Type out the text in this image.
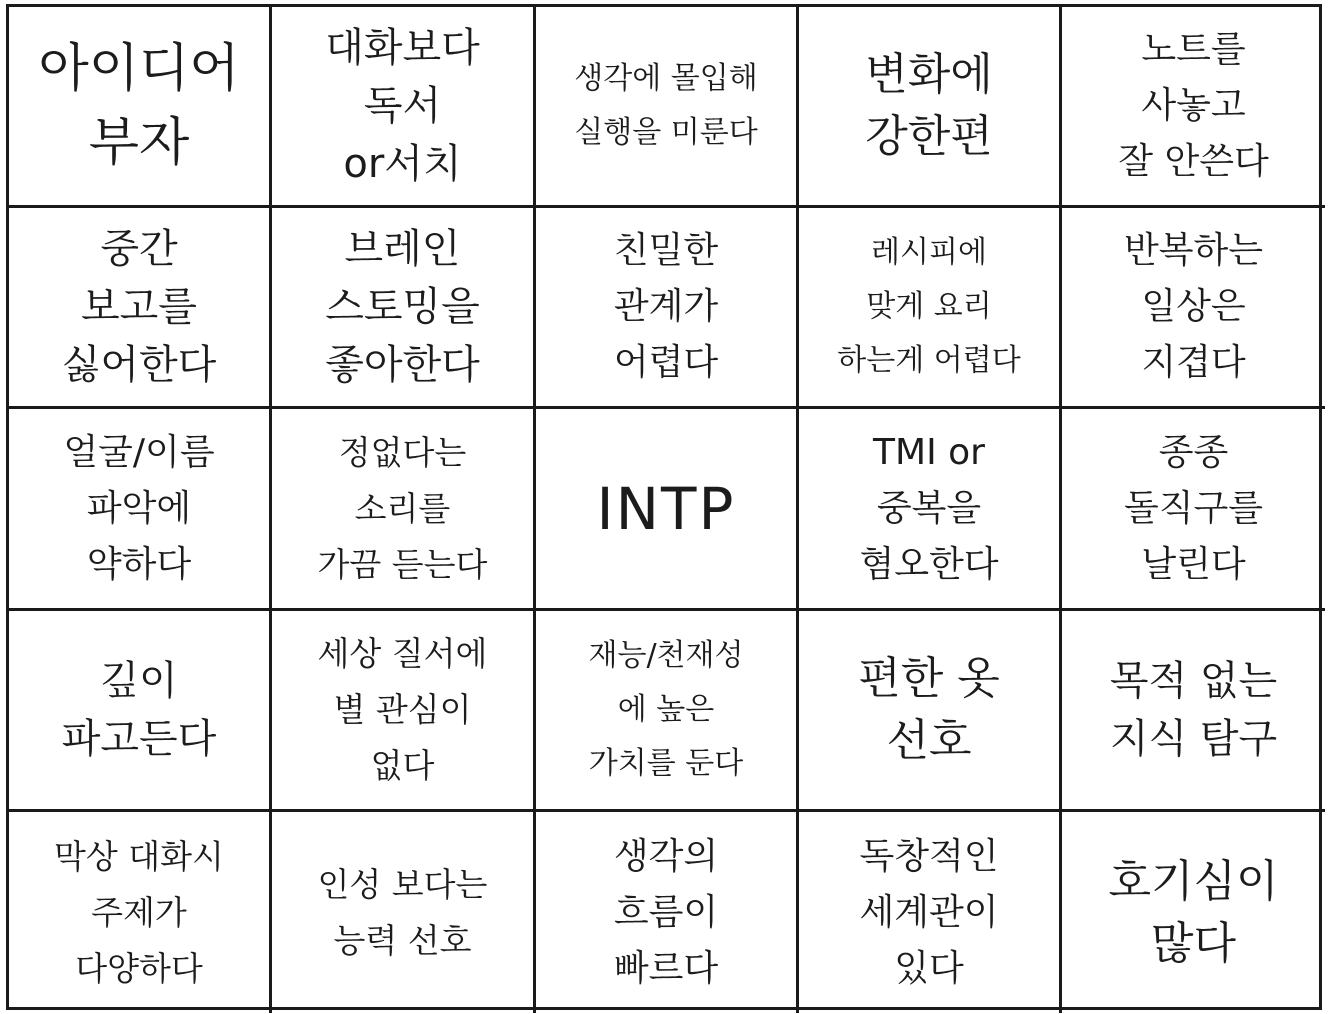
아이디어
부자
대화보다
독서
or서치
생각에 몰입해
실행을 미룬다
변화에
강한편
노트를
사놓고
잘 안쓴다
중간
보고를
싫어한다
브레인
스토밍을
좋아한다
친밀한
관계가
어렵다
레시피에
맞게 요리
하는게 어렵다
반복하는
일상은
지겹다
얼굴/이름
파악에
약하다
정없다는
소리를
가끔 듣는다
INTP
TMI or
중복을
혐오한다
종종
돌직구를
날린다
깊이
파고든다
세상 질서에
별 관심이
없다
재능/천재성
에 높은
가치를 둔다
편한 옷
선호
목적 없는
지식 탐구
막상 대화시
주제가
다양하다
인성 보다는
능력 선호
생각의
흐름이
빠르다
독창적인
세계관이
있다
호기심이
많다
